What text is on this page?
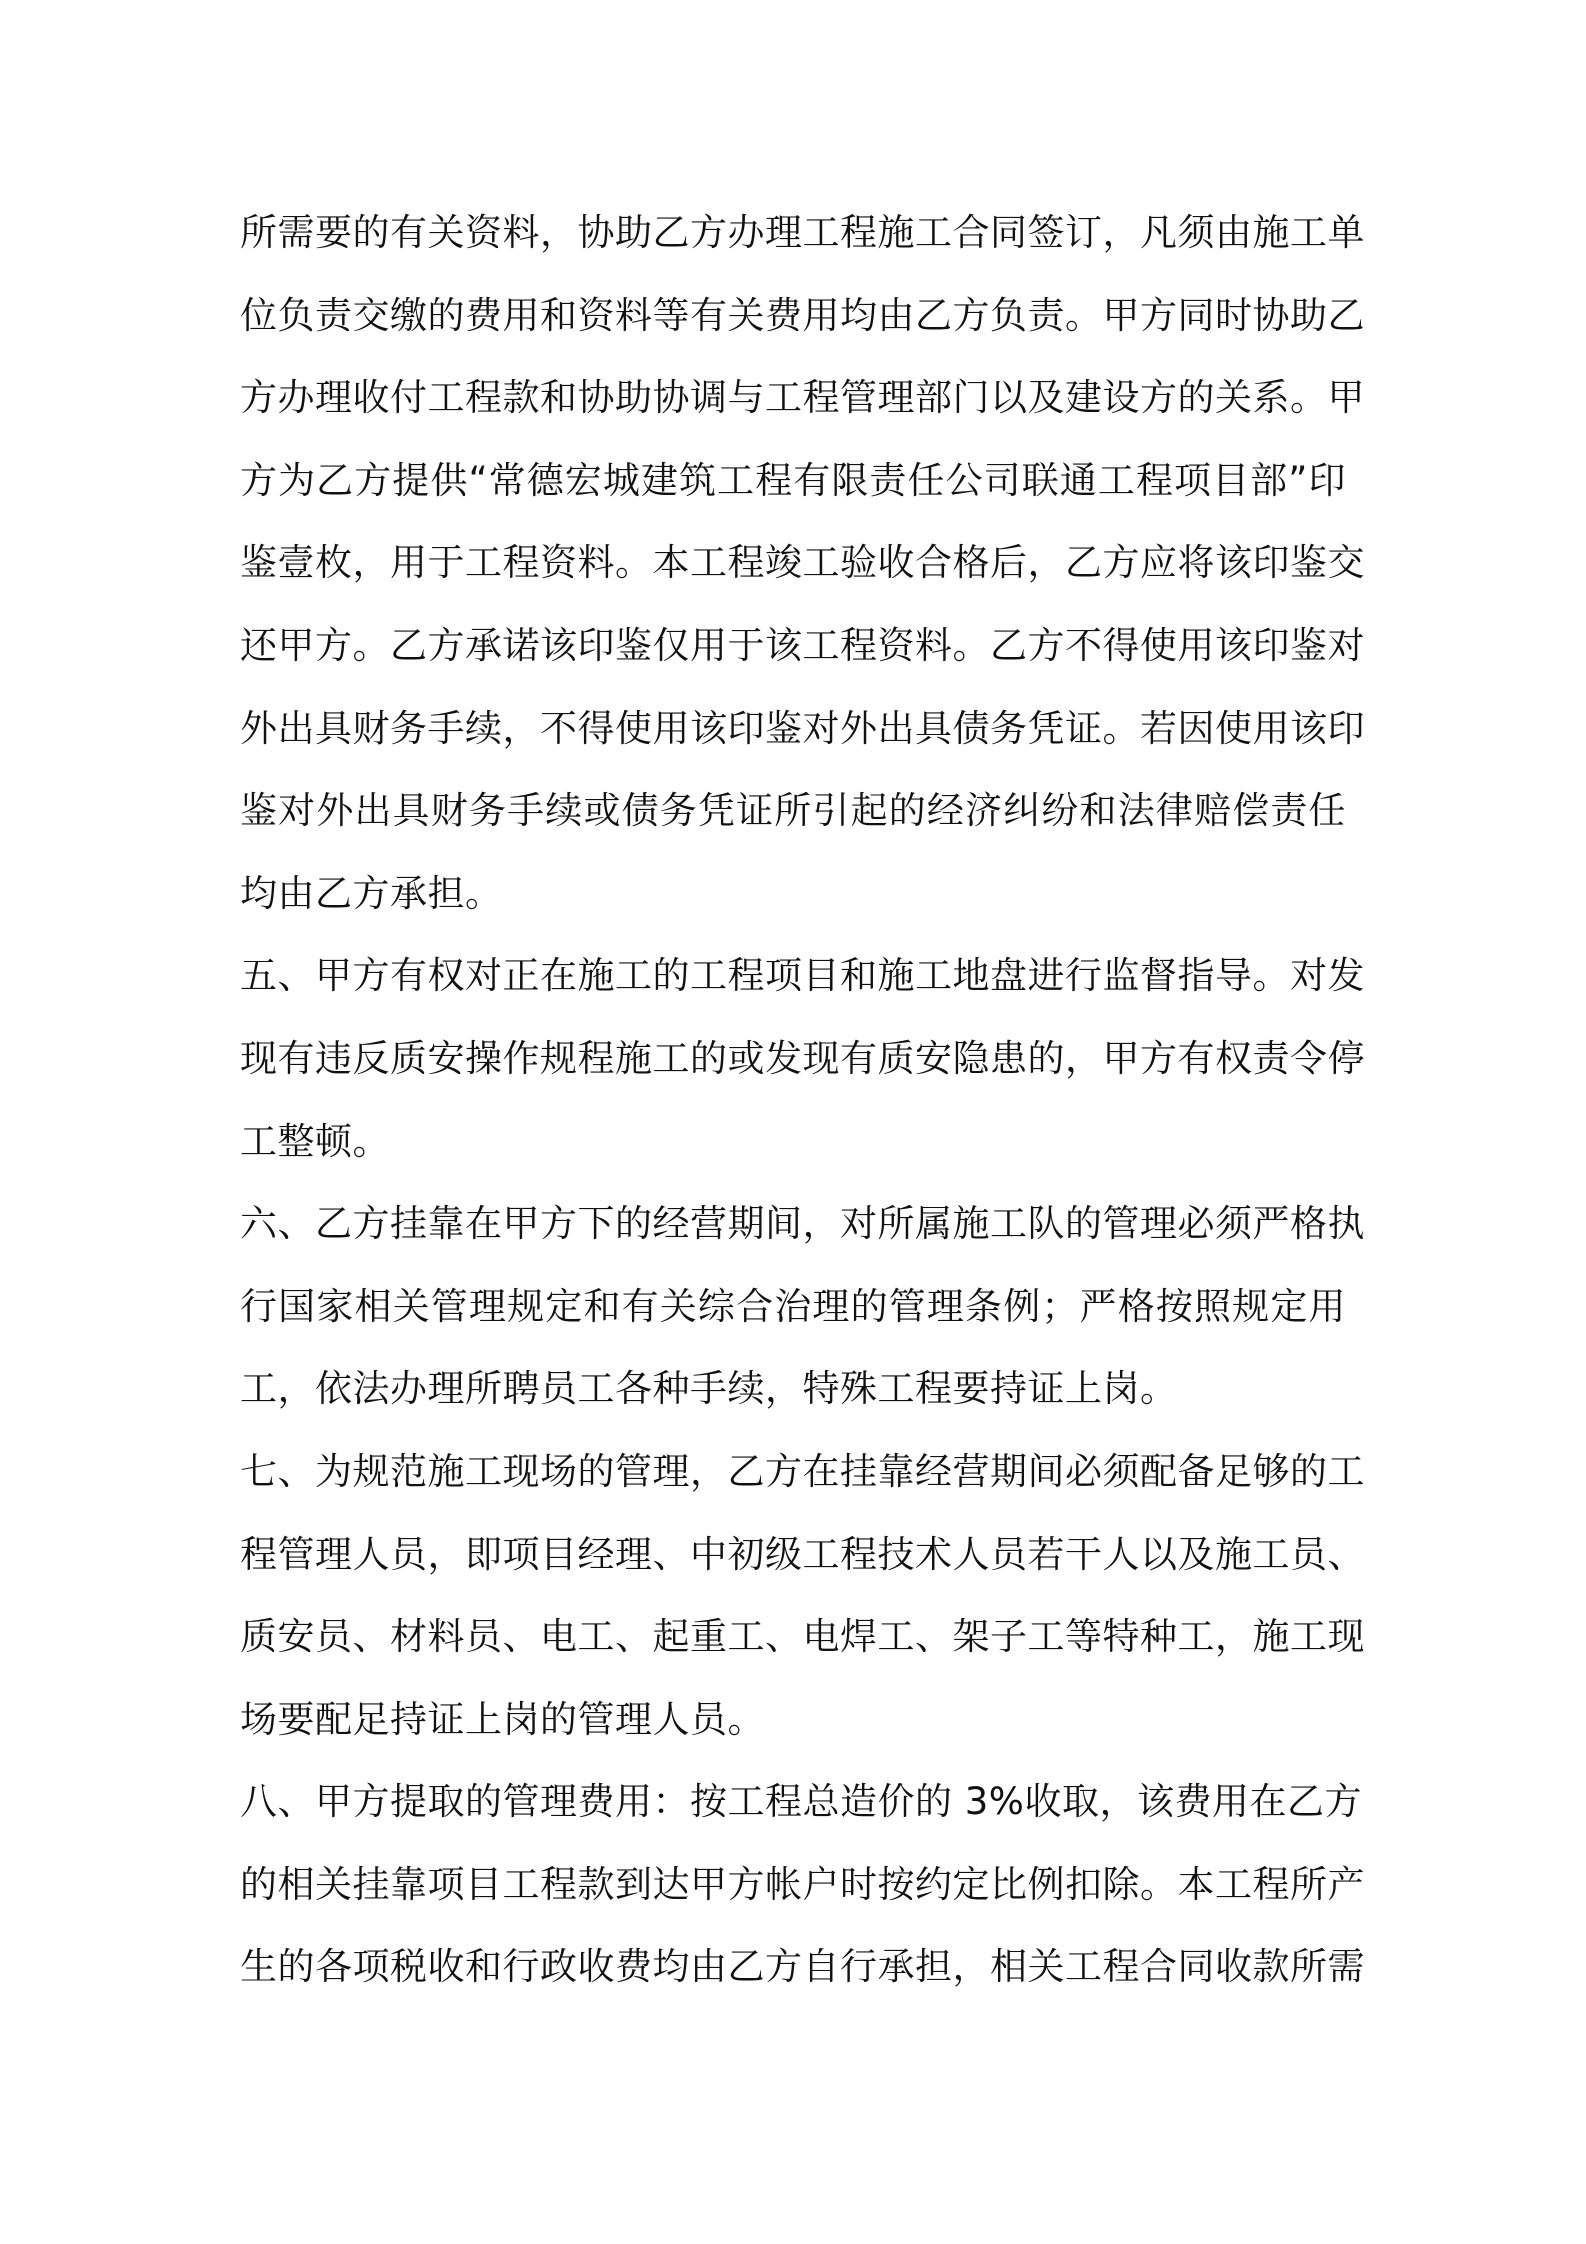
所需要的有关资料，协助乙方办理工程施工合同签订，凡须由施工单
位负责交缴的费用和资料等有关费用均由乙方负责。甲方同时协助乙
方办理收付工程款和协助协调与工程管理部门以及建设方的关系。甲
方为乙方提供“常德宏城建筑工程有限责任公司联通工程项目部”印
鉴壹枚，用于工程资料。本工程竣工验收合格后，乙方应将该印鉴交
还甲方。乙方承诺该印鉴仅用于该工程资料。乙方不得使用该印鉴对
外出具财务手续，不得使用该印鉴对外出具债务凭证。若因使用该印
鉴对外出具财务手续或债务凭证所引起的经济纠纷和法律赔偿责任
均由乙方承担。
五、甲方有权对正在施工的工程项目和施工地盘进行监督指导。对发
现有违反质安操作规程施工的或发现有质安隐患的，甲方有权责令停
工整顿。
六、乙方挂靠在甲方下的经营期间，对所属施工队的管理必须严格执
行国家相关管理规定和有关综合治理的管理条例；严格按照规定用
工，依法办理所聘员工各种手续，特殊工程要持证上岗。
七、为规范施工现场的管理，乙方在挂靠经营期间必须配备足够的工
程管理人员，即项目经理、中初级工程技术人员若干人以及施工员、
质安员、材料员、电工、起重工、电焊工、架子工等特种工，施工现
场要配足持证上岗的管理人员。
八、甲方提取的管理费用：按工程总造价的 3%收取，该费用在乙方
的相关挂靠项目工程款到达甲方帐户时按约定比例扣除。本工程所产
生的各项税收和行政收费均由乙方自行承担，相关工程合同收款所需
